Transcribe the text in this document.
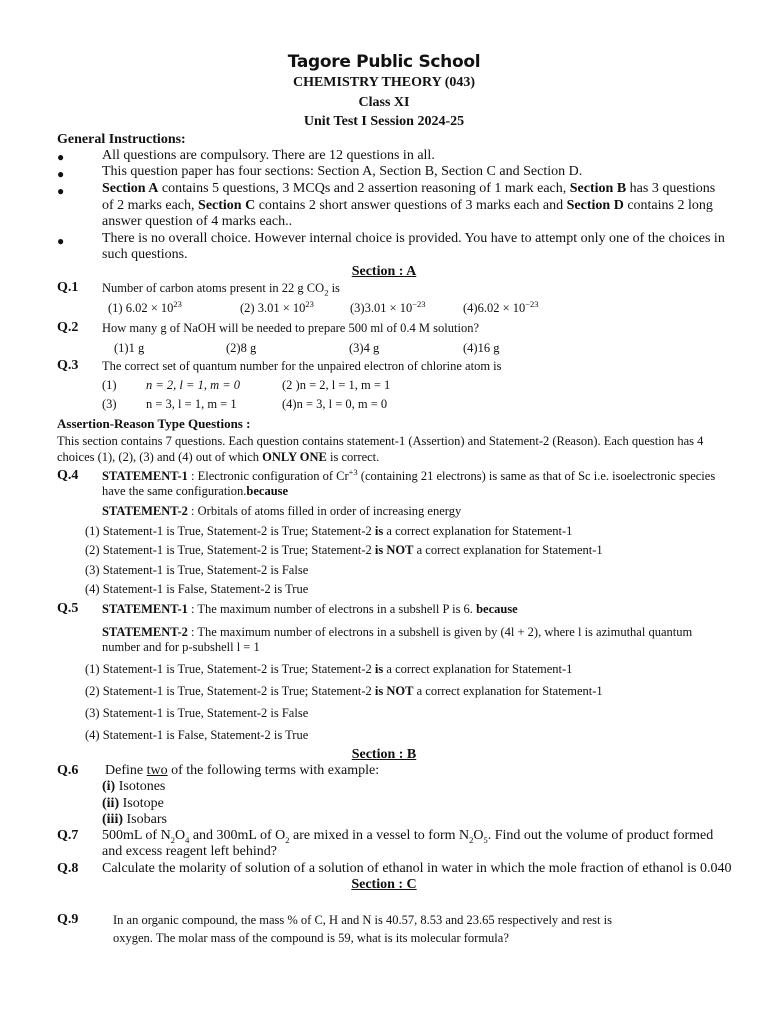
Tagore Public School
CHEMISTRY THEORY (043)
Class XI
Unit Test I Session 2024-25
General Instructions:
●	All questions are compulsory. There are 12 questions in all.
●	This question paper has four sections: Section A, Section B, Section C and Section D.
●	Section A contains 5 questions, 3 MCQs and 2 assertion reasoning of 1 mark each, Section B has 3 questions
of 2 marks each, Section C contains 2 short answer questions of 3 marks each and Section D contains 2 long
answer question of 4 marks each..
●	There is no overall choice. However internal choice is provided. You have to attempt only one of the choices in
such questions.
Section : A
Q.1 Number of carbon atoms present in 22 g $CO_2$ is
(1) $6.02 \times 10^{23}$	(2) $3.01 \times 10^{23}$	$(3)3.01 \times 10^{-23}$	$(4)6.02 \times 10^{-23}$
Q.2 How many g of NaOH will be needed to prepare 500 ml of 0.4 M solution?
(1)1 g	(2)8 g	(3)4 g	(4)16 g
Q.3 The correct set of quantum number for the unpaired electron of chlorine atom is
(1) n = 2, l = 1, m = 0	(2 )n = 2, l = 1, m = 1
(3) n = 3, l = 1, m = 1	(4)n = 3, l = 0, m = 0
Assertion-Reason Type Questions :
This section contains 7 questions. Each question contains statement-1 (Assertion) and Statement-2 (Reason). Each question has 4
choices (1), (2), (3) and (4) out of which ONLY ONE is correct.
Q.4 STATEMENT-1 : Electronic configuration of $Cr^{+3}$ (containing 21 electrons) is same as that of Sc i.e. isoelectronic species
have the same configuration.because
STATEMENT-2 : Orbitals of atoms filled in order of increasing energy
(1) Statement-1 is True, Statement-2 is True; Statement-2 is a correct explanation for Statement-1
(2) Statement-1 is True, Statement-2 is True; Statement-2 is NOT a correct explanation for Statement-1
(3) Statement-1 is True, Statement-2 is False
(4) Statement-1 is False, Statement-2 is True
Q.5 STATEMENT-1 : The maximum number of electrons in a subshell P is 6. because
STATEMENT-2 : The maximum number of electrons in a subshell is given by (4l + 2), where l is azimuthal quantum
number and for p-subshell l = 1
(1) Statement-1 is True, Statement-2 is True; Statement-2 is a correct explanation for Statement-1
(2) Statement-1 is True, Statement-2 is True; Statement-2 is NOT a correct explanation for Statement-1
(3) Statement-1 is True, Statement-2 is False
(4) Statement-1 is False, Statement-2 is True
Section : B
Q.6 Define two of the following terms with example:
(i) Isotones
(ii) Isotope
(iii) Isobars
Q.7 500mL of $N_2O_4$ and 300mL of $O_2$ are mixed in a vessel to form $N_2O_5$. Find out the volume of product formed
and excess reagent left behind?
Q.8 Calculate the molarity of solution of a solution of ethanol in water in which the mole fraction of ethanol is 0.040
Section : C
Q.9	In an organic compound, the mass % of C, H and N is 40.57, 8.53 and 23.65 respectively and rest is
oxygen. The molar mass of the compound is 59, what is its molecular formula?
